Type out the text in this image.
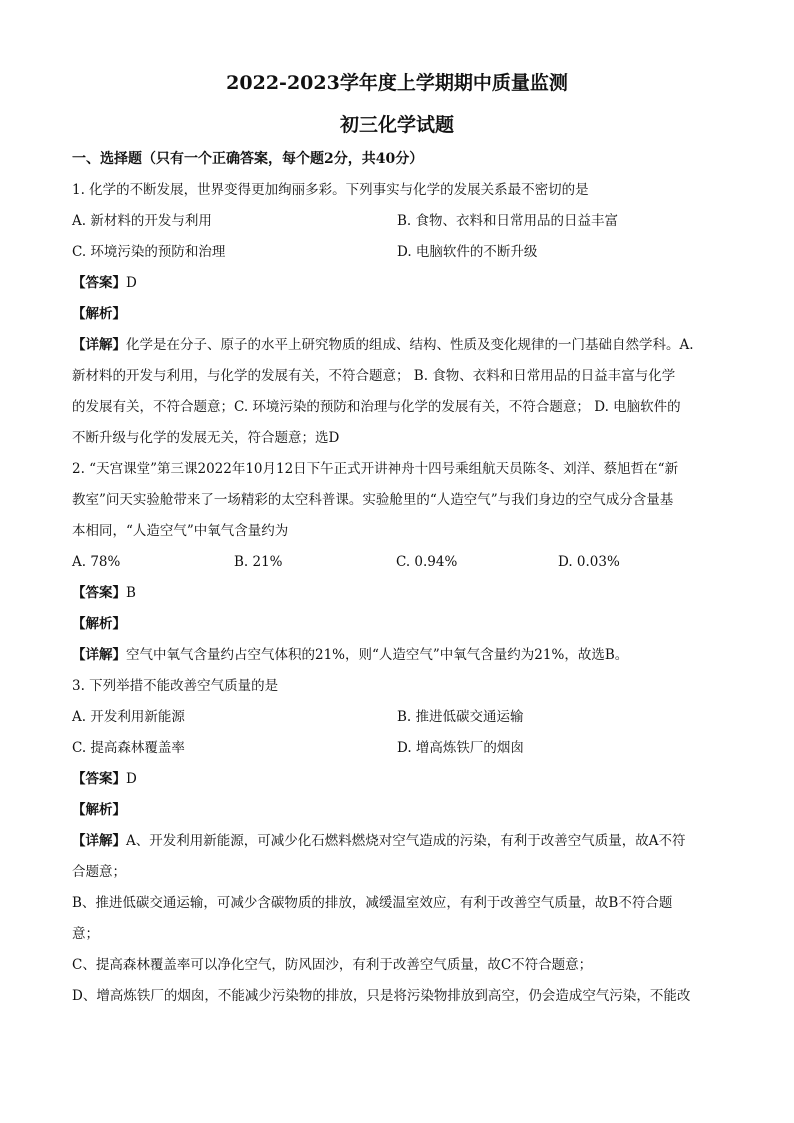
2022-2023学年度上学期期中质量监测
初三化学试题
一、选择题（只有一个正确答案，每个题2分，共40分）
1. 化学的不断发展，世界变得更加绚丽多彩。下列事实与化学的发展关系最不密切的是
A. 新材料的开发与利用	B. 食物、衣料和日常用品的日益丰富
C. 环境污染的预防和治理	D. 电脑软件的不断升级
【答案】D
【解析】
【详解】化学是在分子、原子的水平上研究物质的组成、结构、性质及变化规律的一门基础自然学科。A.
新材料的开发与利用，与化学的发展有关，不符合题意； B. 食物、衣料和日常用品的日益丰富与化学
的发展有关，不符合题意；C. 环境污染的预防和治理与化学的发展有关，不符合题意； D. 电脑软件的
不断升级与化学的发展无关，符合题意；选D
2. “天宫课堂”第三课2022年10月12日下午正式开讲神舟十四号乘组航天员陈冬、刘洋、蔡旭哲在“新
教室”问天实验舱带来了一场精彩的太空科普课。实验舱里的“人造空气”与我们身边的空气成分含量基
本相同，“人造空气”中氧气含量约为
A. 78%	B. 21%	C. 0.94%	D. 0.03%
【答案】B
【解析】
【详解】空气中氧气含量约占空气体积的21%，则“人造空气”中氧气含量约为21%，故选B。
3. 下列举措不能改善空气质量的是
A. 开发利用新能源	B. 推进低碳交通运输
C. 提高森林覆盖率	D. 增高炼铁厂的烟囱
【答案】D
【解析】
【详解】A、开发利用新能源，可减少化石燃料燃烧对空气造成的污染，有利于改善空气质量，故A不符
合题意；
B、推进低碳交通运输，可减少含碳物质的排放，减缓温室效应，有利于改善空气质量，故B不符合题
意；
C、提高森林覆盖率可以净化空气，防风固沙，有利于改善空气质量，故C不符合题意；
D、增高炼铁厂的烟囱，不能减少污染物的排放，只是将污染物排放到高空，仍会造成空气污染，不能改
